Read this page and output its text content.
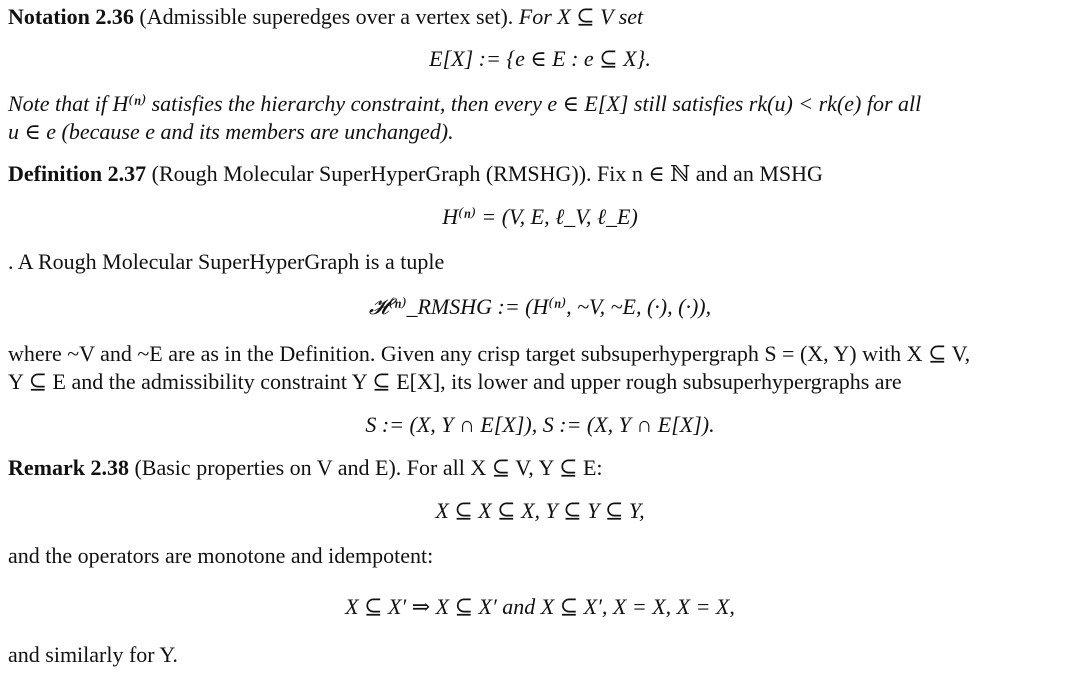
Notation 2.36 (Admissible superedges over a vertex set). For X ⊆ V set
E[X] := {e ∈ E : e ⊆ X}.
Note that if H⁽ⁿ⁾ satisfies the hierarchy constraint, then every e ∈ E[X] still satisfies rk(u) < rk(e) for all
u ∈ e (because e and its members are unchanged).
Definition 2.37 (Rough Molecular SuperHyperGraph (RMSHG)). Fix n ∈ ℕ and an MSHG
H⁽ⁿ⁾ = (V, E, ℓ_V, ℓ_E)
. A Rough Molecular SuperHyperGraph is a tuple
𝓗⁽ⁿ⁾_RMSHG := (H⁽ⁿ⁾, ~V, ~E, (·), (·)),
where ~V and ~E are as in the Definition. Given any crisp target subsuperhypergraph S = (X, Y) with X ⊆ V,
Y ⊆ E and the admissibility constraint Y ⊆ E[X], its lower and upper rough subsuperhypergraphs are
S := (X, Y ∩ E[X]), S := (X, Y ∩ E[X]).
Remark 2.38 (Basic properties on V and E). For all X ⊆ V, Y ⊆ E:
X ⊆ X ⊆ X, Y ⊆ Y ⊆ Y,
and the operators are monotone and idempotent:
X ⊆ X′ ⇒ X ⊆ X′ and X ⊆ X′, X = X, X = X,
and similarly for Y.
